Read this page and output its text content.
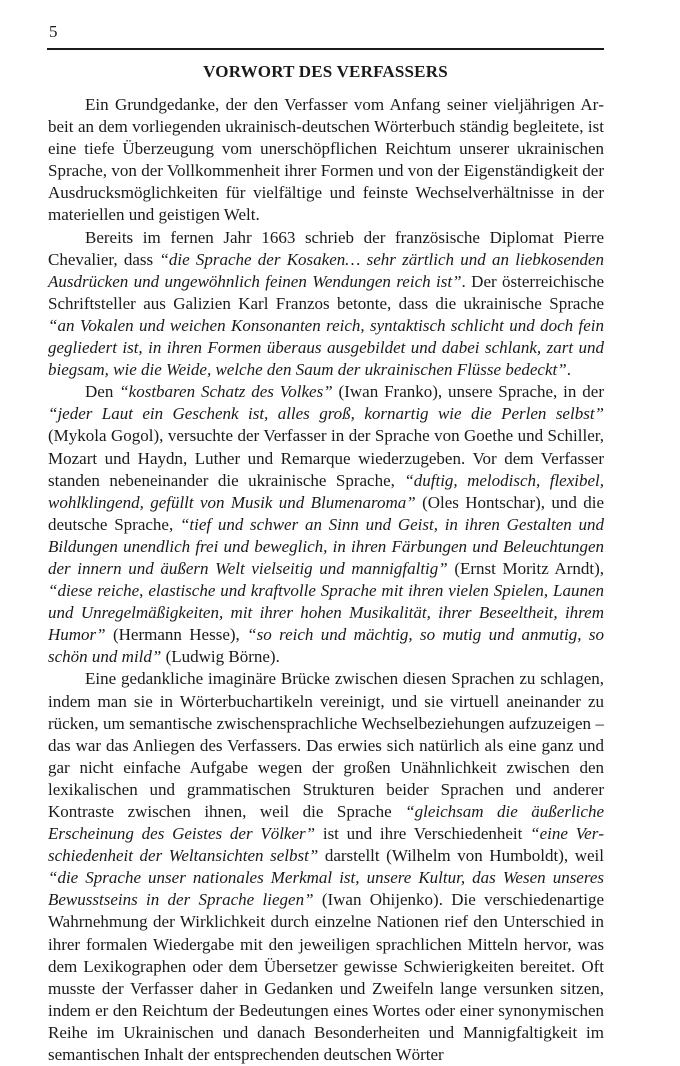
5
VORWORT DES VERFASSERS

Ein Grundgedanke, der den Verfasser vom Anfang seiner vieljährigen Arbeit an dem vorliegenden ukrainisch-deutschen Wörterbuch ständig begleitete, ist eine tiefe Überzeugung vom unerschöpflichen Reichtum unserer ukrainischen Sprache, von der Vollkommenheit ihrer Formen und von der Eigenständigkeit der Ausdrucksmöglichkeiten für vielfältige und feinste Wechselverhältnisse in der materiellen und geistigen Welt.

Bereits im fernen Jahr 1663 schrieb der französische Diplomat Pierre Chevalier, dass “die Sprache der Kosaken… sehr zärtlich und an liebkosenden Ausdrücken und ungewöhnlich feinen Wendungen reich ist”. Der österreichische Schriftsteller aus Galizien Karl Franzos betonte, dass die ukrainische Sprache “an Vokalen und weichen Konsonanten reich, syntaktisch schlicht und doch fein gegliedert ist, in ihren Formen überaus ausgebildet und dabei schlank, zart und biegsam, wie die Weide, welche den Saum der ukrainischen Flüsse bedeckt”.

Den “kostbaren Schatz des Volkes” (Iwan Franko), unsere Sprache, in der “jeder Laut ein Geschenk ist, alles groß, kornartig wie die Perlen selbst” (Mykola Gogol), versuchte der Verfasser in der Sprache von Goethe und Schiller, Mozart und Haydn, Luther und Remarque wiederzugeben. Vor dem Verfasser standen nebeneinander die ukrainische Sprache, “duftig, melodisch, flexibel, wohlklingend, gefüllt von Musik und Blumenaroma” (Oles Hontschar), und die deutsche Sprache, “tief und schwer an Sinn und Geist, in ihren Gestalten und Bildungen unendlich frei und beweglich, in ihren Färbungen und Beleuchtungen der innern und äußern Welt vielseitig und mannigfaltig” (Ernst Moritz Arndt), “diese reiche, elastische und kraftvolle Sprache mit ihren vielen Spielen, Launen und Unregelmäßigkeiten, mit ihrer hohen Musikalität, ihrer Beseeltheit, ihrem Humor” (Hermann Hesse), “so reich und mächtig, so mutig und anmutig, so schön und mild” (Ludwig Börne).

Eine gedankliche imaginäre Brücke zwischen diesen Sprachen zu schlagen, indem man sie in Wörterbuchartikeln vereinigt, und sie virtuell aneinander zu rücken, um semantische zwischensprachliche Wechselbeziehungen aufzuzeigen – das war das Anliegen des Verfassers. Das erwies sich natürlich als eine ganz und gar nicht einfache Aufgabe wegen der großen Unähnlichkeit zwischen den lexikalischen und grammatischen Strukturen beider Sprachen und anderer Kontraste zwischen ihnen, weil die Sprache “gleichsam die äußerliche Erscheinung des Geistes der Völker” ist und ihre Verschiedenheit “eine Verschiedenheit der Weltansichten selbst” darstellt (Wilhelm von Humboldt), weil “die Sprache unser nationales Merkmal ist, unsere Kultur, das Wesen unseres Bewusstseins in der Sprache liegen” (Iwan Ohijenko). Die verschiedenartige Wahrnehmung der Wirklichkeit durch einzelne Nationen rief den Unterschied in ihrer formalen Wiedergabe mit den jeweiligen sprachlichen Mitteln hervor, was dem Lexikographen oder dem Übersetzer gewisse Schwierigkeiten bereitet. Oft musste der Verfasser daher in Gedanken und Zweifeln lange versunken sitzen, indem er den Reichtum der Bedeutungen eines Wortes oder einer synonymischen Reihe im Ukrainischen und danach Besonderheiten und Mannigfaltigkeit im semantischen Inhalt der entsprechenden deutschen Wörter
